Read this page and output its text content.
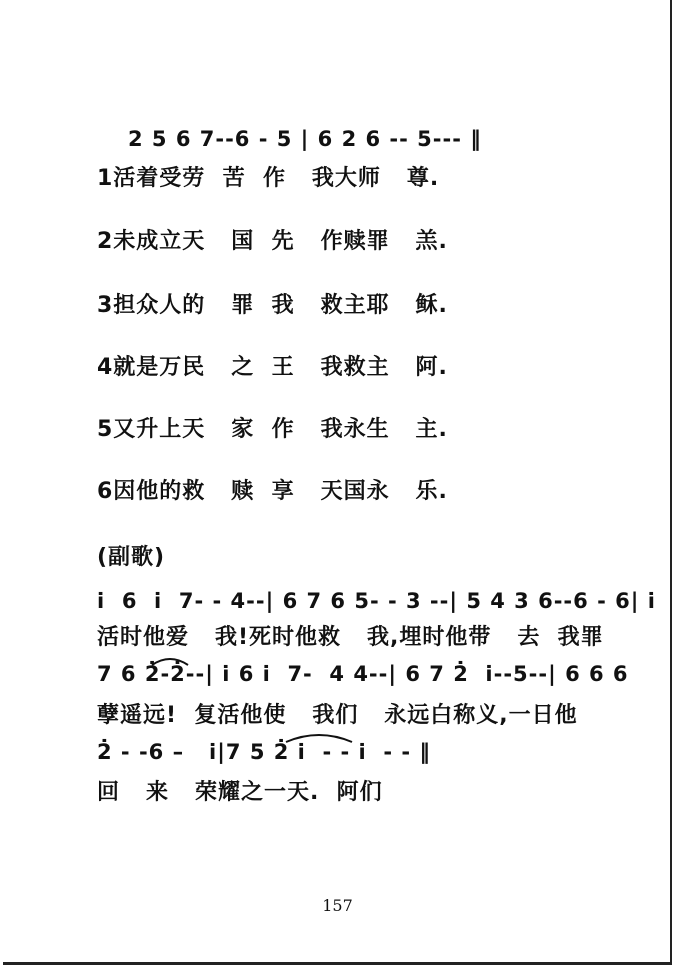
2 5 6 7--6 - 5 | 6 2 6 -- 5--- ‖
1活着受劳  苦  作   我大师   尊.
2未成立天   国  先   作赎罪   羔.
3担众人的   罪  我   救主耶   稣.
4就是万民   之  王   我救主   阿.
5又升上天   家  作   我永生   主.
6因他的救   赎  享   天国永   乐.
(副歌)
i̇  6  i̇  7- - 4--| 6 7 6 5- - 3 --| 5 4 3 6--6 - 6| i̇
活时他爱   我!死时他救   我,埋时他带   去  我罪
7 6 2̇-2̇--| i̇ 6 i̇  7-  4 4--| 6 7 2̇  i̇--5--| 6 6 6
孽遥远!  复活他使   我们   永远白称义,一日他
2̇ - -6 –   i̇|7 5 2̇ i̇  - - i̇  - - ‖
回   来   荣耀之一天.  阿们
157
